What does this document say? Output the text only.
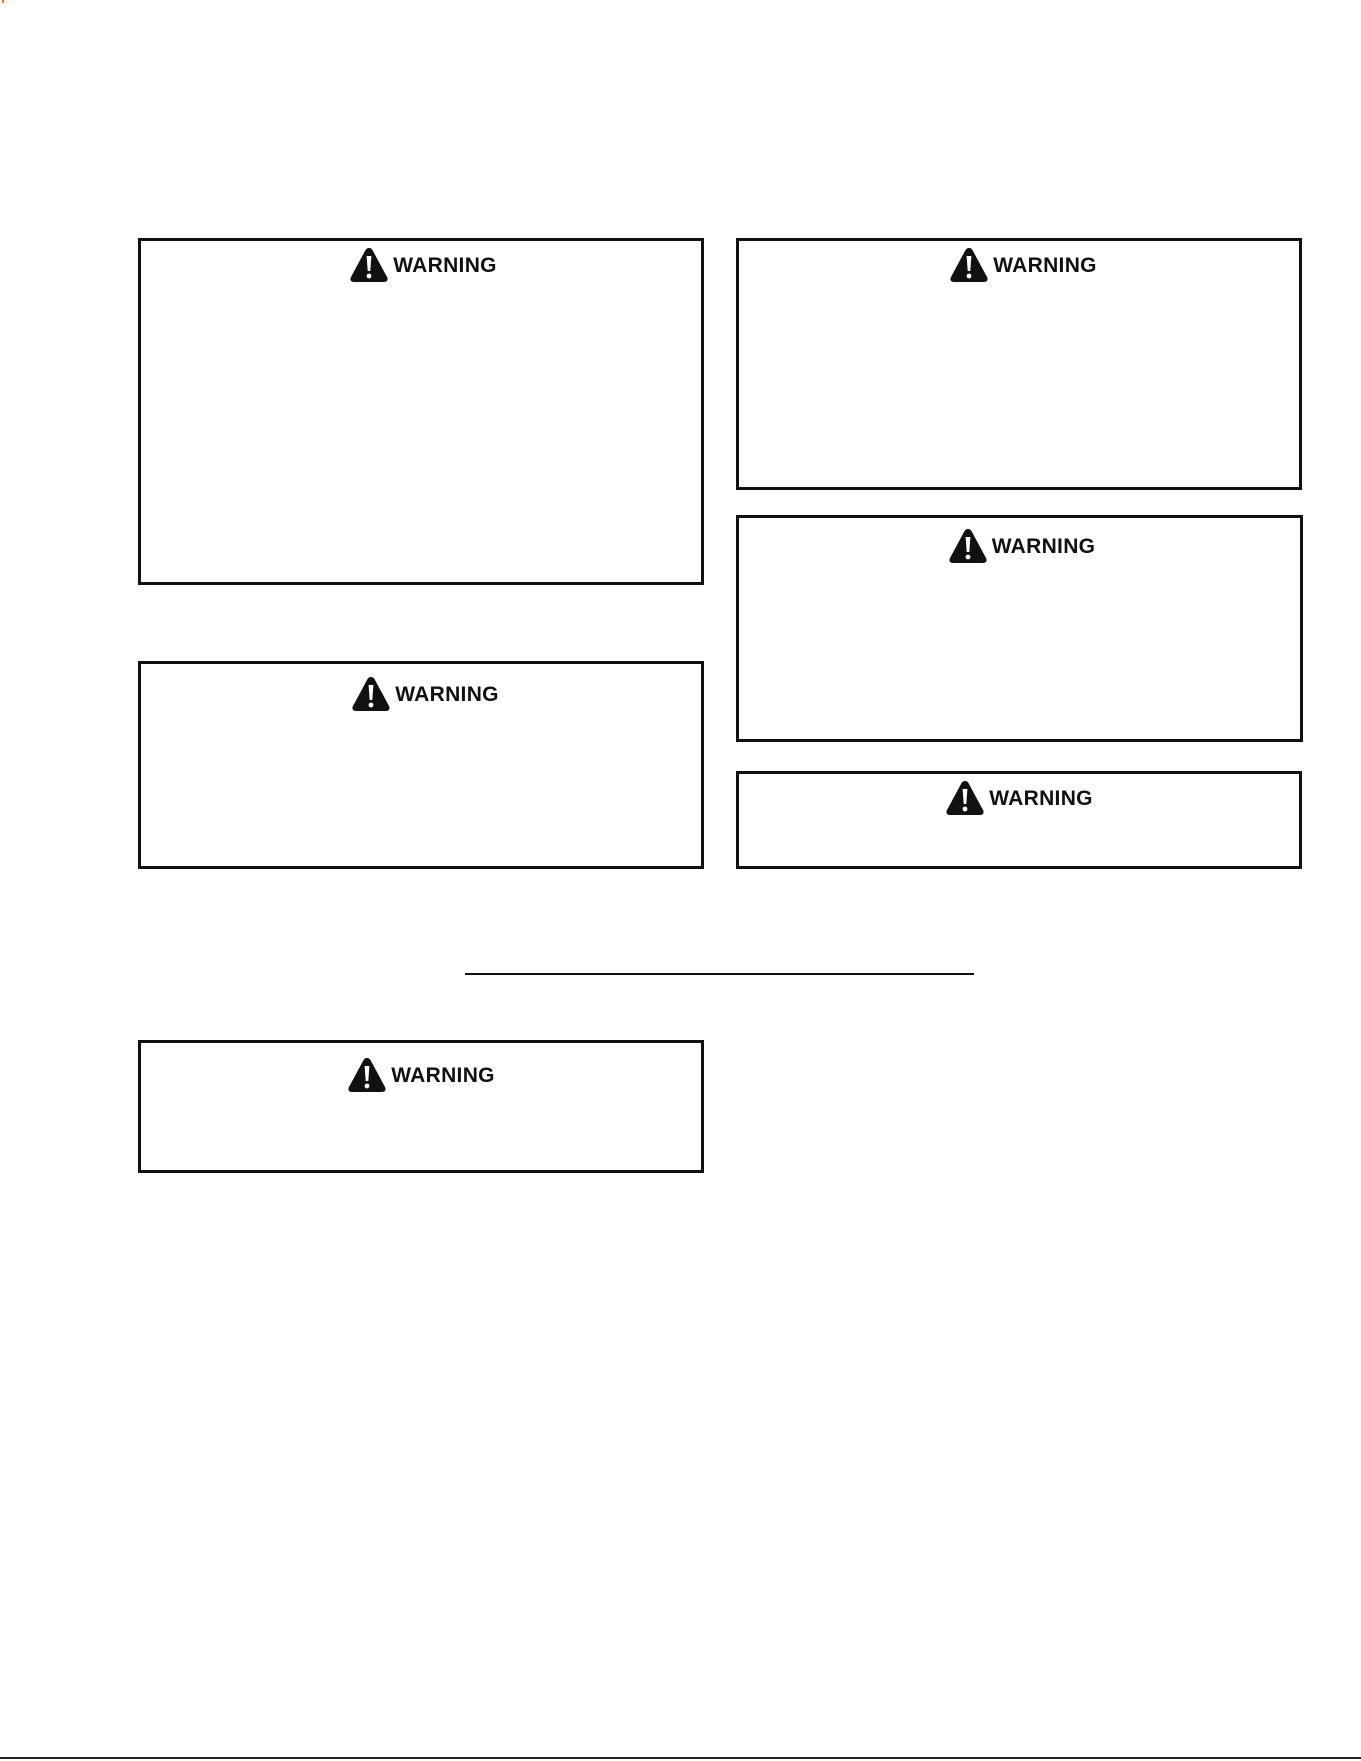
WARNING	WARNING
WARNING
WARNING
WARNING
WARNING
